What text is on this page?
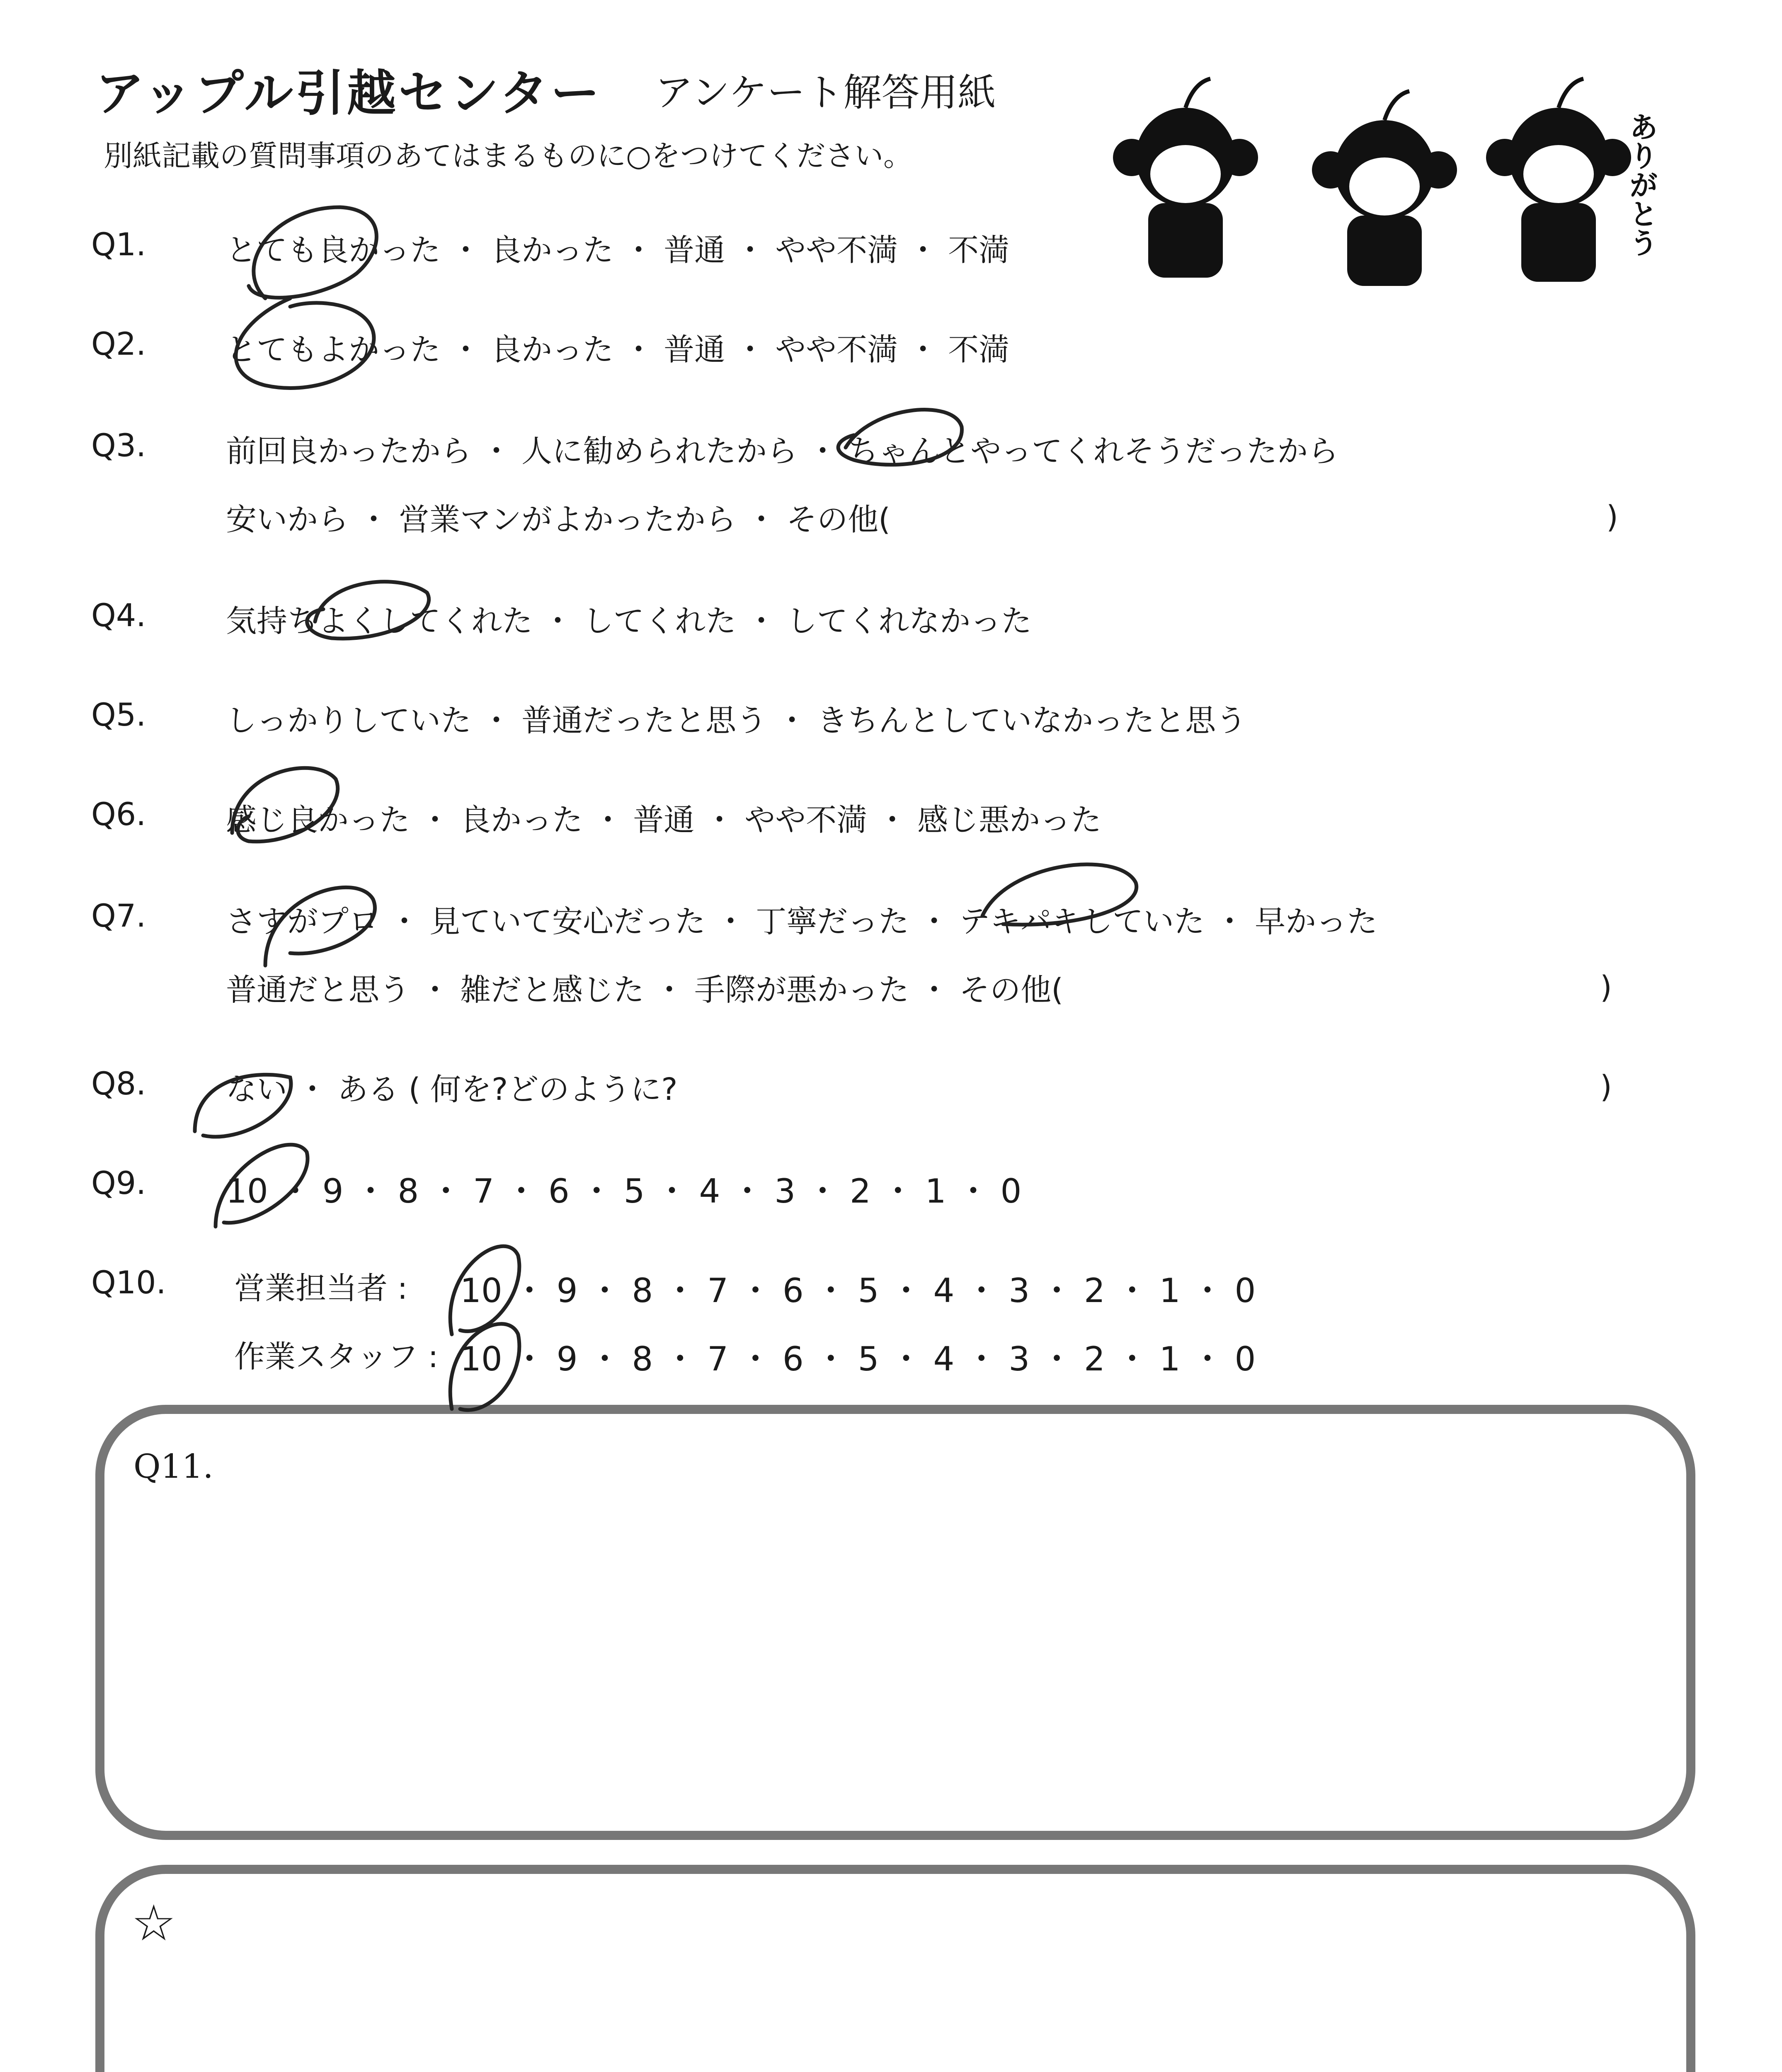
アップル引越センター アンケート解答用紙
別紙記載の質問事項のあてはまるものに○をつけてください。	ありがとう
Q1.	とても良かった ・ 良かった ・ 普通 ・ やや不満 ・ 不満
Q2.	とてもよかった ・ 良かった ・ 普通 ・ やや不満 ・ 不満
Q3.	前回良かったから ・ 人に勧められたから ・ ちゃんとやってくれそうだったから
安いから ・ 営業マンがよかったから ・ その他(	)
Q4.	気持ちよくしてくれた ・ してくれた ・ してくれなかった
Q5.	しっかりしていた ・ 普通だったと思う ・ きちんとしていなかったと思う
Q6.	感じ良かった ・ 良かった ・ 普通 ・ やや不満 ・ 感じ悪かった
Q7.	さすがプロ ・ 見ていて安心だった ・ 丁寧だった ・ テキパキしていた ・ 早かった
普通だと思う ・ 雑だと感じた ・ 手際が悪かった ・ その他(	)
Q8.	ない ・ ある ( 何を?どのように?	)
Q9. 10 ・ 9 ・ 8 ・ 7 ・ 6 ・ 5 ・ 4 ・ 3 ・ 2 ・ 1 ・ 0
Q10. 営業担当者 : 10 ・ 9 ・ 8 ・ 7 ・ 6 ・ 5 ・ 4 ・ 3 ・ 2 ・ 1 ・ 0
作業スタッフ : 10 ・ 9 ・ 8 ・ 7 ・ 6 ・ 5 ・ 4 ・ 3 ・ 2 ・ 1 ・ 0
Q11.
☆
